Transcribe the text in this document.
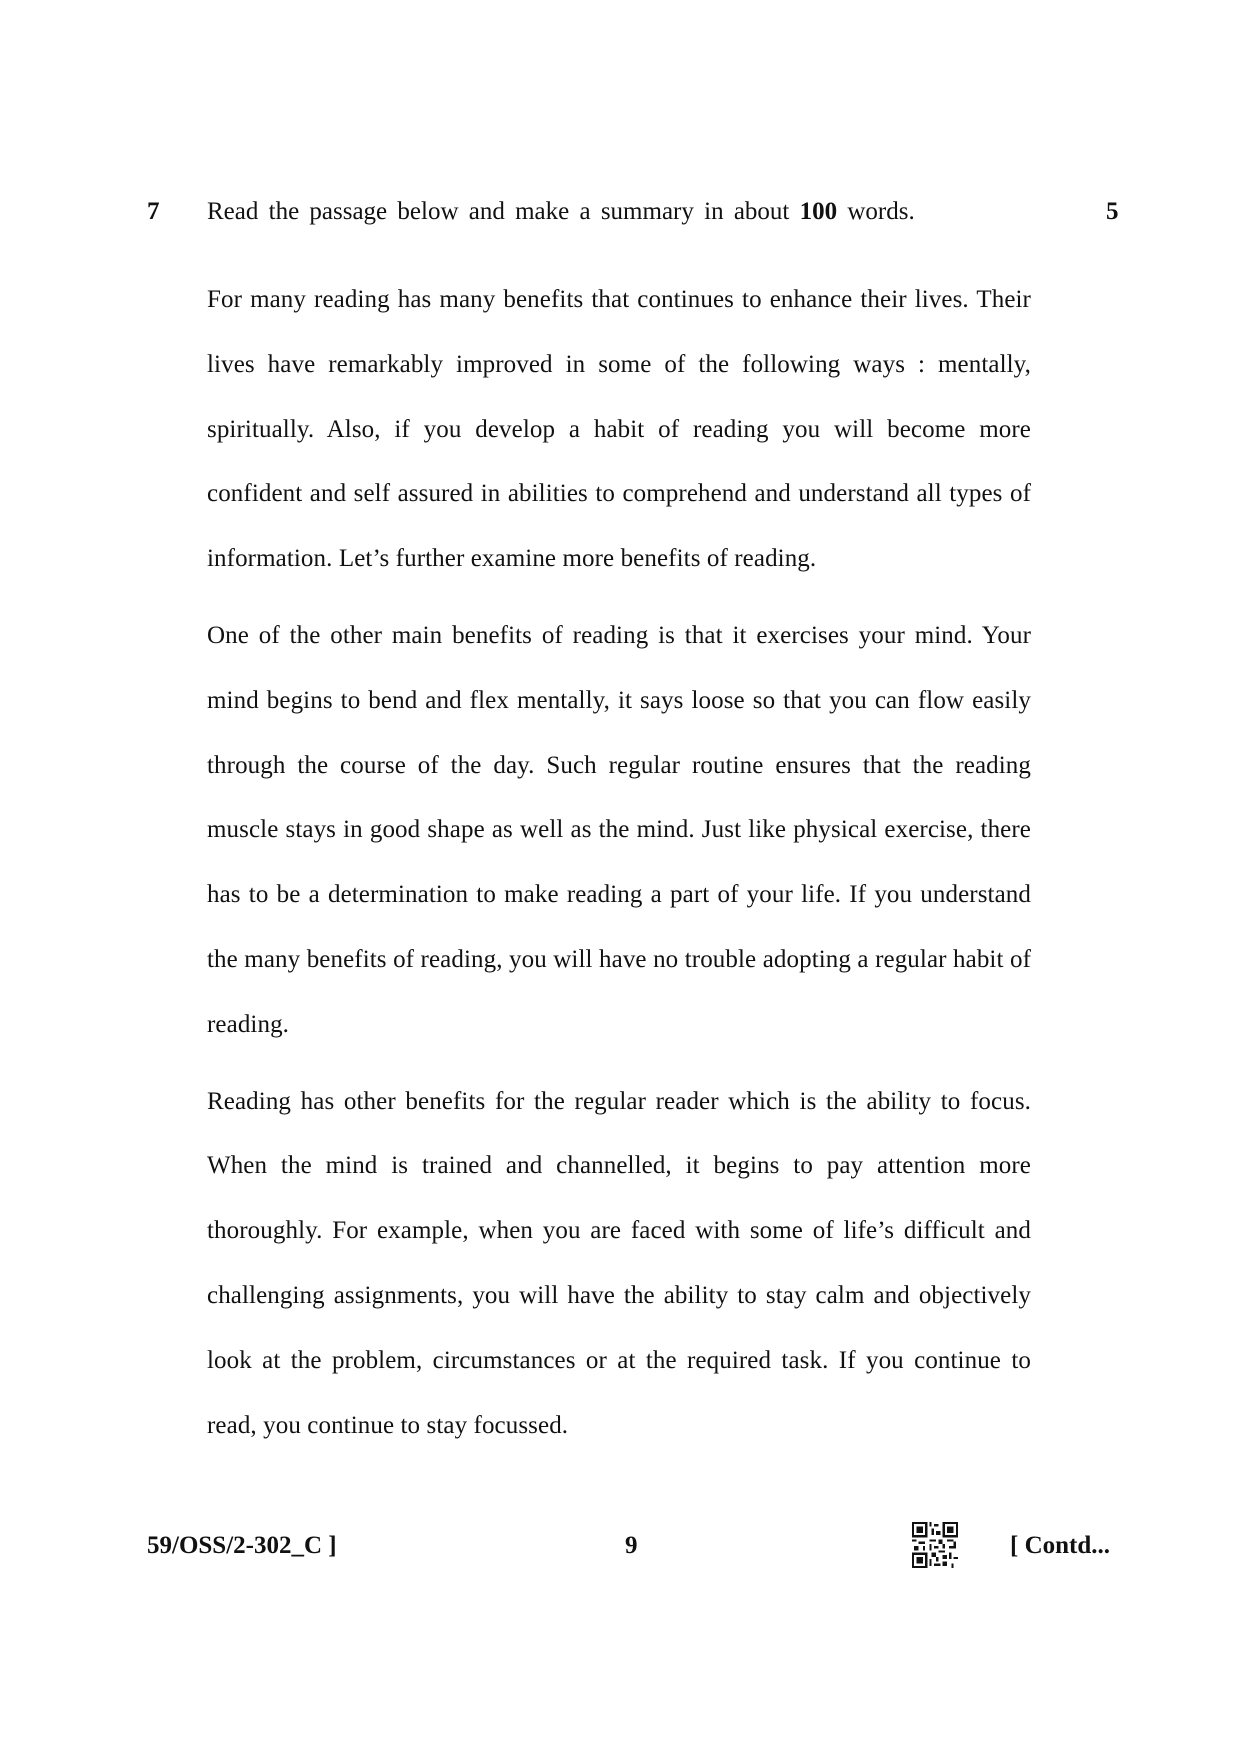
7 Read the passage below and make a summary in about 100 words.	5

For many reading has many benefits that continues to enhance their lives. Their lives have remarkably improved in some of the following ways : mentally, spiritually. Also, if you develop a habit of reading you will become more confident and self assured in abilities to comprehend and understand all types of information. Let’s further examine more benefits of reading.

One of the other main benefits of reading is that it exercises your mind. Your mind begins to bend and flex mentally, it says loose so that you can flow easily through the course of the day. Such regular routine ensures that the reading muscle stays in good shape as well as the mind. Just like physical exercise, there has to be a determination to make reading a part of your life. If you understand the many benefits of reading, you will have no trouble adopting a regular habit of reading.

Reading has other benefits for the regular reader which is the ability to focus. When the mind is trained and channelled, it begins to pay attention more thoroughly. For example, when you are faced with some of life’s difficult and challenging assignments, you will have the ability to stay calm and objectively look at the problem, circumstances or at the required task. If you continue to read, you continue to stay focussed.

59/OSS/2-302_C ]	9	[ Contd...
